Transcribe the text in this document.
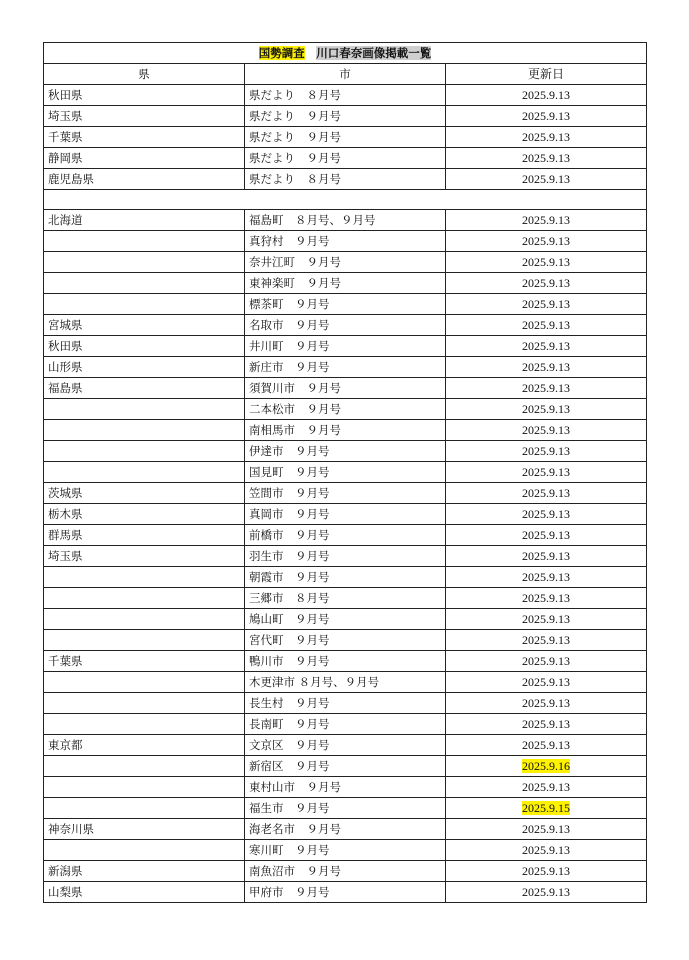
国勢調査　 川口春奈画像掲載一覧		
県	市	更新日
秋田県	県だより　８月号	2025.9.13
埼玉県	県だより　９月号	2025.9.13
千葉県	県だより　９月号	2025.9.13
静岡県	県だより　９月号	2025.9.13
鹿児島県	県だより　８月号	2025.9.13

北海道	福島町　８月号、９月号	2025.9.13
	真狩村　９月号	2025.9.13
	奈井江町　９月号	2025.9.13
	東神楽町　９月号	2025.9.13
	標茶町　９月号	2025.9.13
宮城県	名取市　９月号	2025.9.13
秋田県	井川町　９月号	2025.9.13
山形県	新庄市　９月号	2025.9.13
福島県	須賀川市　９月号	2025.9.13
	二本松市　９月号	2025.9.13
	南相馬市　９月号	2025.9.13
	伊達市　９月号	2025.9.13
	国見町　９月号	2025.9.13
茨城県	笠間市　９月号	2025.9.13
栃木県	真岡市　９月号	2025.9.13
群馬県	前橋市　９月号	2025.9.13
埼玉県	羽生市　９月号	2025.9.13
	朝霞市　９月号	2025.9.13
	三郷市　８月号	2025.9.13
	鳩山町　９月号	2025.9.13
	宮代町　９月号	2025.9.13
千葉県	鴨川市　９月号	2025.9.13
	木更津市 ８月号、９月号	2025.9.13
	長生村　９月号	2025.9.13
	長南町　９月号	2025.9.13
東京都	文京区　９月号	2025.9.13
	新宿区　９月号	2025.9.16
	東村山市　９月号	2025.9.13
	福生市　９月号	2025.9.15
神奈川県	海老名市　９月号	2025.9.13
	寒川町　９月号	2025.9.13
新潟県	南魚沼市　９月号	2025.9.13
山梨県	甲府市　９月号	2025.9.13
